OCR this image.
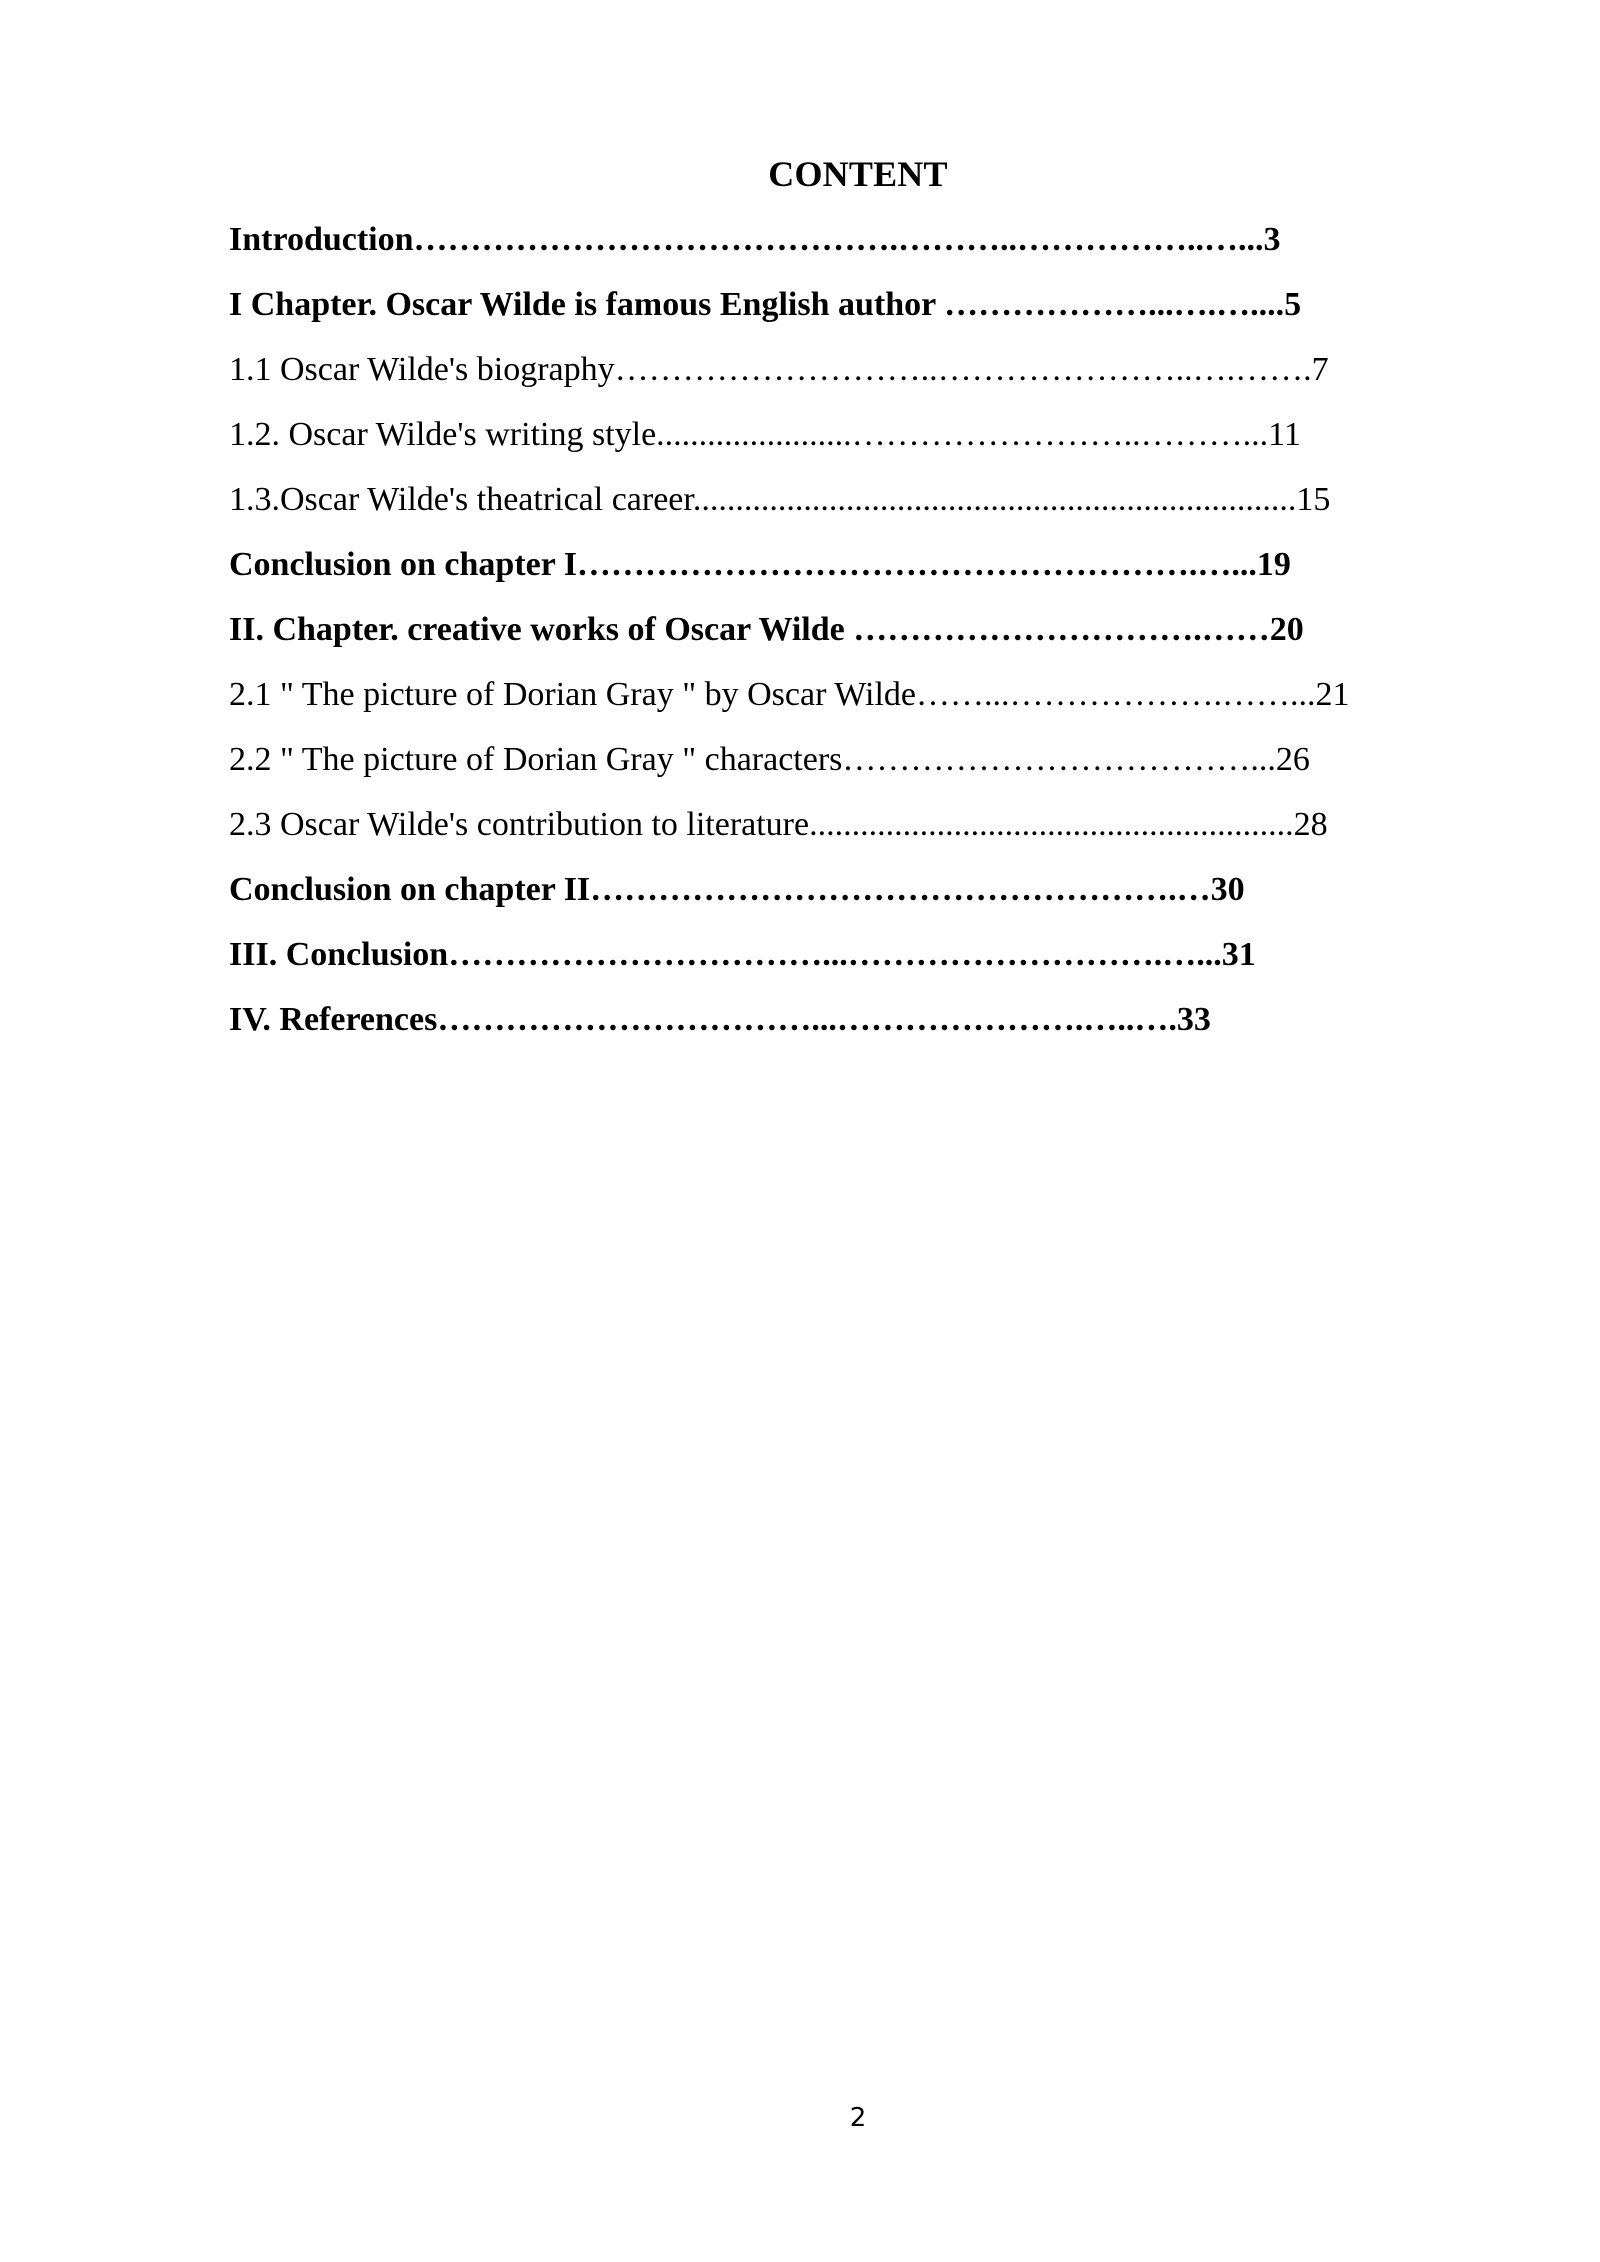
CONTENT
Introduction…………………………………….………..……………..…...3
I Chapter. Oscar Wilde is famous English author ………………...….…....5
1.1 Oscar Wilde's biography………………………..…………………..….…….7
1.2. Oscar Wilde's writing style.......................……………………..………...11
1.3.Oscar Wilde's theatrical career.......................................................................15
Conclusion on chapter I……………………………………………….…...19
II. Chapter. creative works of Oscar Wilde ………………………….……20
2.1 " The picture of Dorian Gray " by Oscar Wilde……...……………….……...21
2.2 " The picture of Dorian Gray " characters………………………………...26
2.3 Oscar Wilde's contribution to literature.........................................................28
Conclusion on chapter II…………………………………………….…30
III. Conclusion……………………………...……………………….…...31
IV. References……………………………...………………….…..….33

2
